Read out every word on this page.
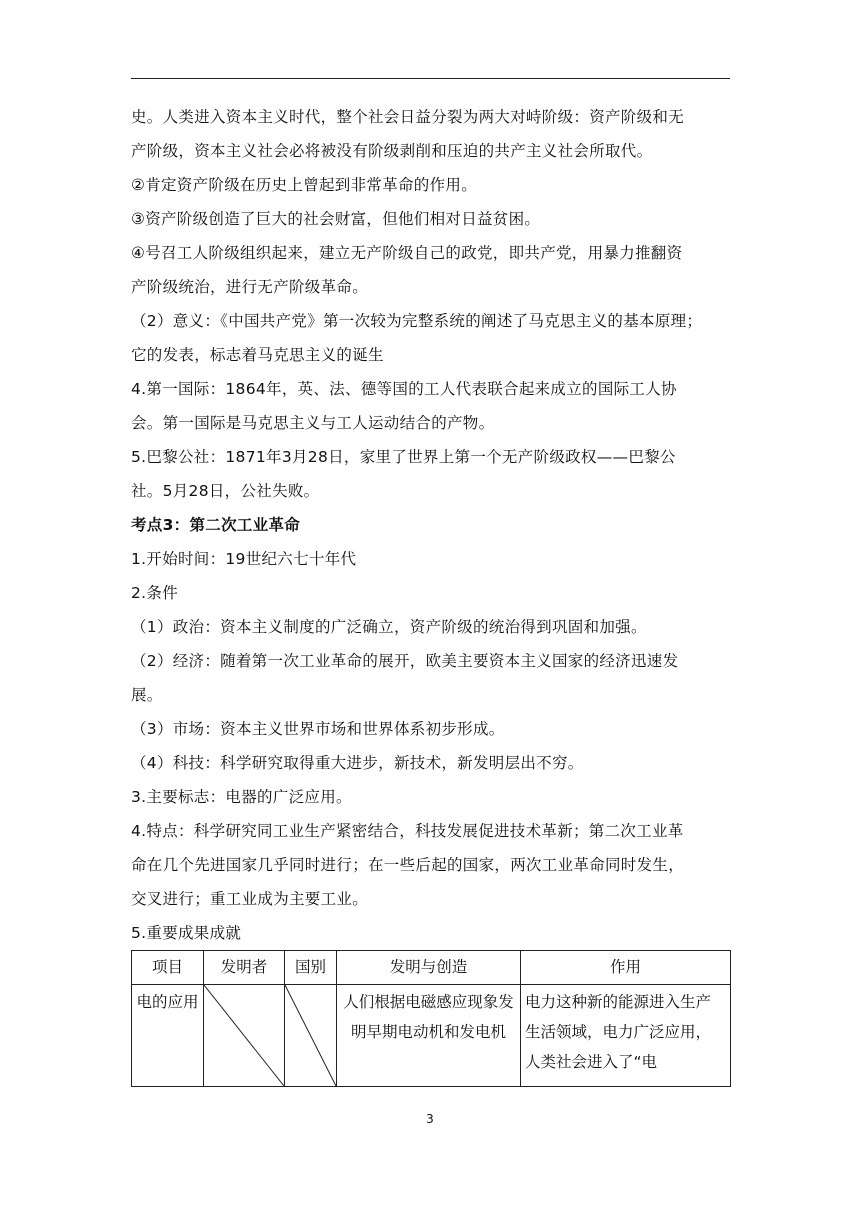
史。人类进入资本主义时代，整个社会日益分裂为两大对峙阶级：资产阶级和无

产阶级，资本主义社会必将被没有阶级剥削和压迫的共产主义社会所取代。

②肯定资产阶级在历史上曾起到非常革命的作用。

③资产阶级创造了巨大的社会财富，但他们相对日益贫困。

④号召工人阶级组织起来，建立无产阶级自己的政党，即共产党，用暴力推翻资

产阶级统治，进行无产阶级革命。

（2）意义：《中国共产党》第一次较为完整系统的阐述了马克思主义的基本原理；

它的发表，标志着马克思主义的诞生

4.第一国际：1864年，英、法、德等国的工人代表联合起来成立的国际工人协

会。第一国际是马克思主义与工人运动结合的产物。

5.巴黎公社：1871年3月28日，家里了世界上第一个无产阶级政权——巴黎公

社。5月28日，公社失败。

考点3：第二次工业革命

1.开始时间：19世纪六七十年代

2.条件

（1）政治：资本主义制度的广泛确立，资产阶级的统治得到巩固和加强。

（2）经济：随着第一次工业革命的展开，欧美主要资本主义国家的经济迅速发

展。

（3）市场：资本主义世界市场和世界体系初步形成。

（4）科技：科学研究取得重大进步，新技术，新发明层出不穷。

3.主要标志：电器的广泛应用。

4.特点：科学研究同工业生产紧密结合，科技发展促进技术革新；第二次工业革

命在几个先进国家几乎同时进行；在一些后起的国家，两次工业革命同时发生，

交叉进行；重工业成为主要工业。

5.重要成果成就

项目	发明者	国别	发明与创造	作用
电的应用			人们根据电磁感应现象发明早期电动机和发电机	电力这种新的能源进入生产生活领域，电力广泛应用，人类社会进入了“电
3
